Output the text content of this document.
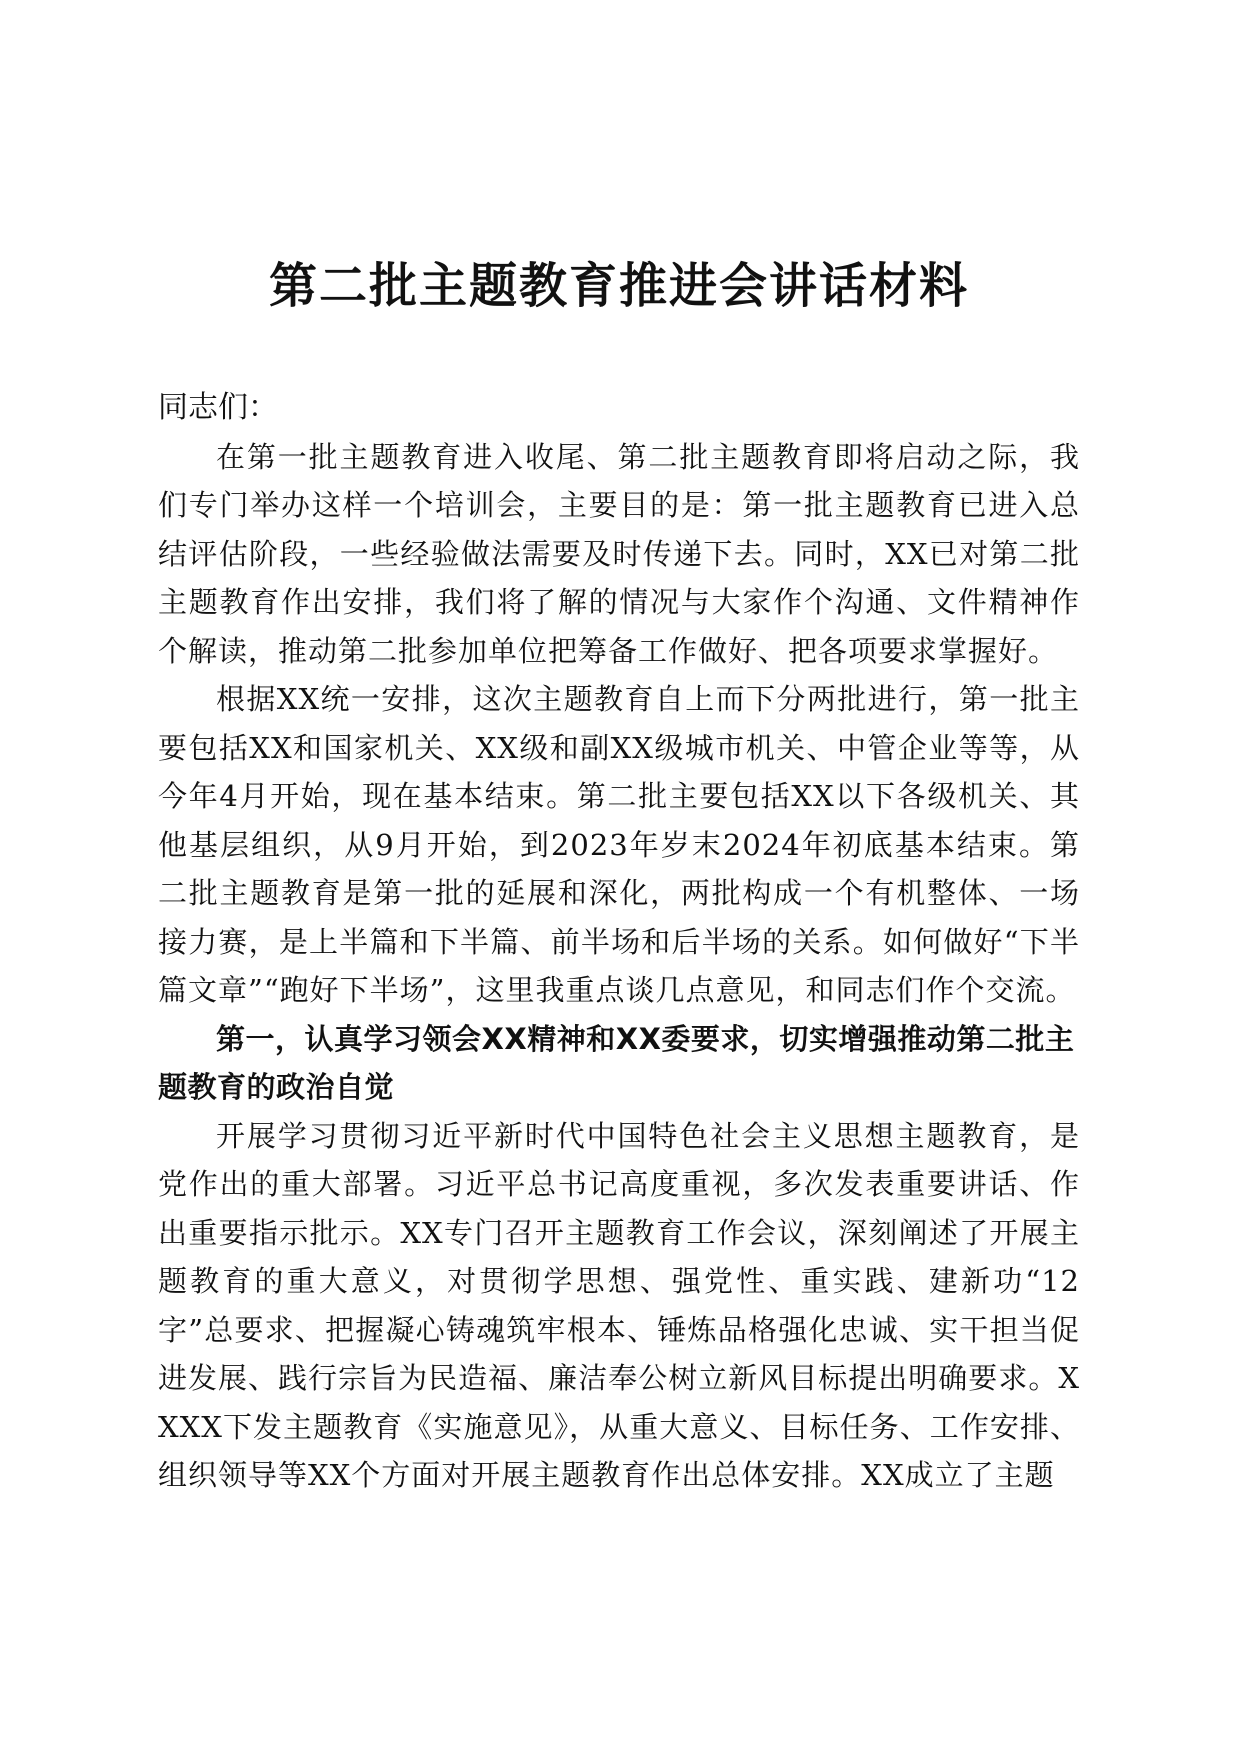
第二批主题教育推进会讲话材料

同志们：

在第一批主题教育进入收尾、第二批主题教育即将启动之际，我们专门举办这样一个培训会，主要目的是：第一批主题教育已进入总结评估阶段，一些经验做法需要及时传递下去。同时，XX已对第二批主题教育作出安排，我们将了解的情况与大家作个沟通、文件精神作个解读，推动第二批参加单位把筹备工作做好、把各项要求掌握好。

根据XX统一安排，这次主题教育自上而下分两批进行，第一批主要包括XX和国家机关、XX级和副XX级城市机关、中管企业等等，从今年4月开始，现在基本结束。第二批主要包括XX以下各级机关、其他基层组织，从9月开始，到2023年岁末2024年初底基本结束。第二批主题教育是第一批的延展和深化，两批构成一个有机整体、一场接力赛，是上半篇和下半篇、前半场和后半场的关系。如何做好“下半篇文章”“跑好下半场”，这里我重点谈几点意见，和同志们作个交流。

第一，认真学习领会XX精神和XX委要求，切实增强推动第二批主题教育的政治自觉

开展学习贯彻习近平新时代中国特色社会主义思想主题教育，是党作出的重大部署。习近平总书记高度重视，多次发表重要讲话、作出重要指示批示。XX专门召开主题教育工作会议，深刻阐述了开展主题教育的重大意义，对贯彻学思想、强党性、重实践、建新功“12字”总要求、把握凝心铸魂筑牢根本、锤炼品格强化忠诚、实干担当促进发展、践行宗旨为民造福、廉洁奉公树立新风目标提出明确要求。XXXX下发主题教育《实施意见》，从重大意义、目标任务、工作安排、组织领导等XX个方面对开展主题教育作出总体安排。XX成立了主题
